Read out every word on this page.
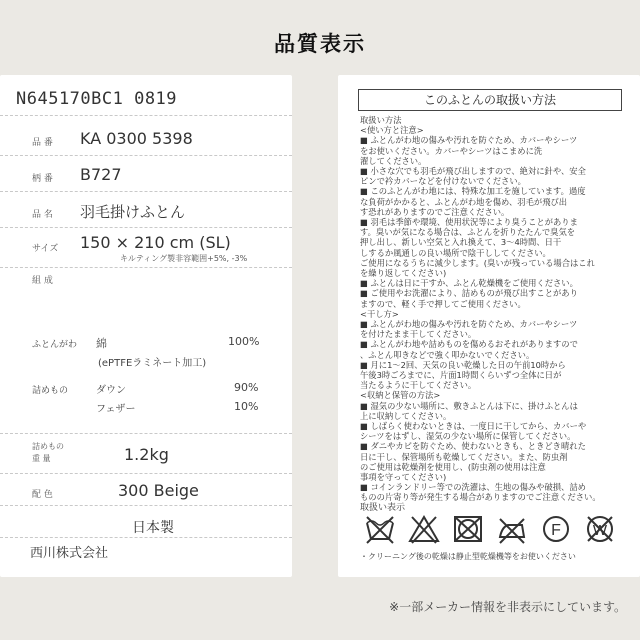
品質表示
N645170BC1 0819
品 番 KA 0300 5398
柄 番 B727
品 名 羽毛掛けふとん
サイズ 150 × 210 cm (SL)
キルティング製非容範囲+5%, -3%
組 成
ふとんがわ 綿	100%
(ePTFEラミネート加工)
詰めもの	ダウン	90%
フェザー	10%
詰めもの
重 量	1.2kg
配 色	300 Beige
日本製
西川株式会社
このふとんの取扱い方法
取扱い方法
<使い方と注意>
■ ふとんがわ地の傷みや汚れを防ぐため、カバーやシーツ
をお使いください。カバーやシーツはこまめに洗
濯してください。
■ 小さな穴でも羽毛が飛び出しますので、絶対に針や、安全
ピンで衿カバーなどを付けないでください。
■ このふとんがわ地には、特殊な加工を施しています。過度
な負荷がかかると、ふとんがわ地を傷め、羽毛が飛び出
す恐れがありますのでご注意ください。
■ 羽毛は季節や環境、使用状況等により臭うことがありま
す。臭いが気になる場合は、ふとんを折りたたんで臭気を
押し出し、新しい空気と入れ換えて、3～4時間、日干
しするか風通しの良い場所で陰干ししてください。
ご使用になるうちに減少します。(臭いが残っている場合はこれ
を繰り返してください)
■ ふとんは日に干すか、ふとん乾燥機をご使用ください。
■ ご使用やお洗濯により、詰めものが飛び出すことがあり
ますので、軽く手で押してご使用ください。
<干し方>
■ ふとんがわ地の傷みや汚れを防ぐため、カバーやシーツ
を付けたまま干してください。
■ ふとんがわ地や詰めものを傷めるおそれがありますので
、ふとん叩きなどで強く叩かないでください。
■ 月に1～2回、天気の良い乾燥した日の午前10時から
午後3時ごろまでに、片面1時間くらいずつ全体に日が
当たるように干してください。
<収納と保管の方法>
■ 湿気の少ない場所に、敷きふとんは下に、掛けふとんは
上に収納してください。
■ しばらく使わないときは、一度日に干してから、カバーや
シーツをはずし、湿気の少ない場所に保管してください。
■ ダニやカビを防ぐため、使わないときも、ときどき晴れた
日に干し、保管場所も乾燥してください。また、防虫剤
のご使用は乾燥剤を使用し、(防虫剤の使用は注意
事項を守ってください)
■ コインランドリー等での洗濯は、生地の傷みや破損、詰め
ものの片寄り等が発生する場合がありますのでご注意ください。
取扱い表示
F W
・クリーニング後の乾燥は静止型乾燥機等をお使いください
※一部メーカー情報を非表示にしています。
